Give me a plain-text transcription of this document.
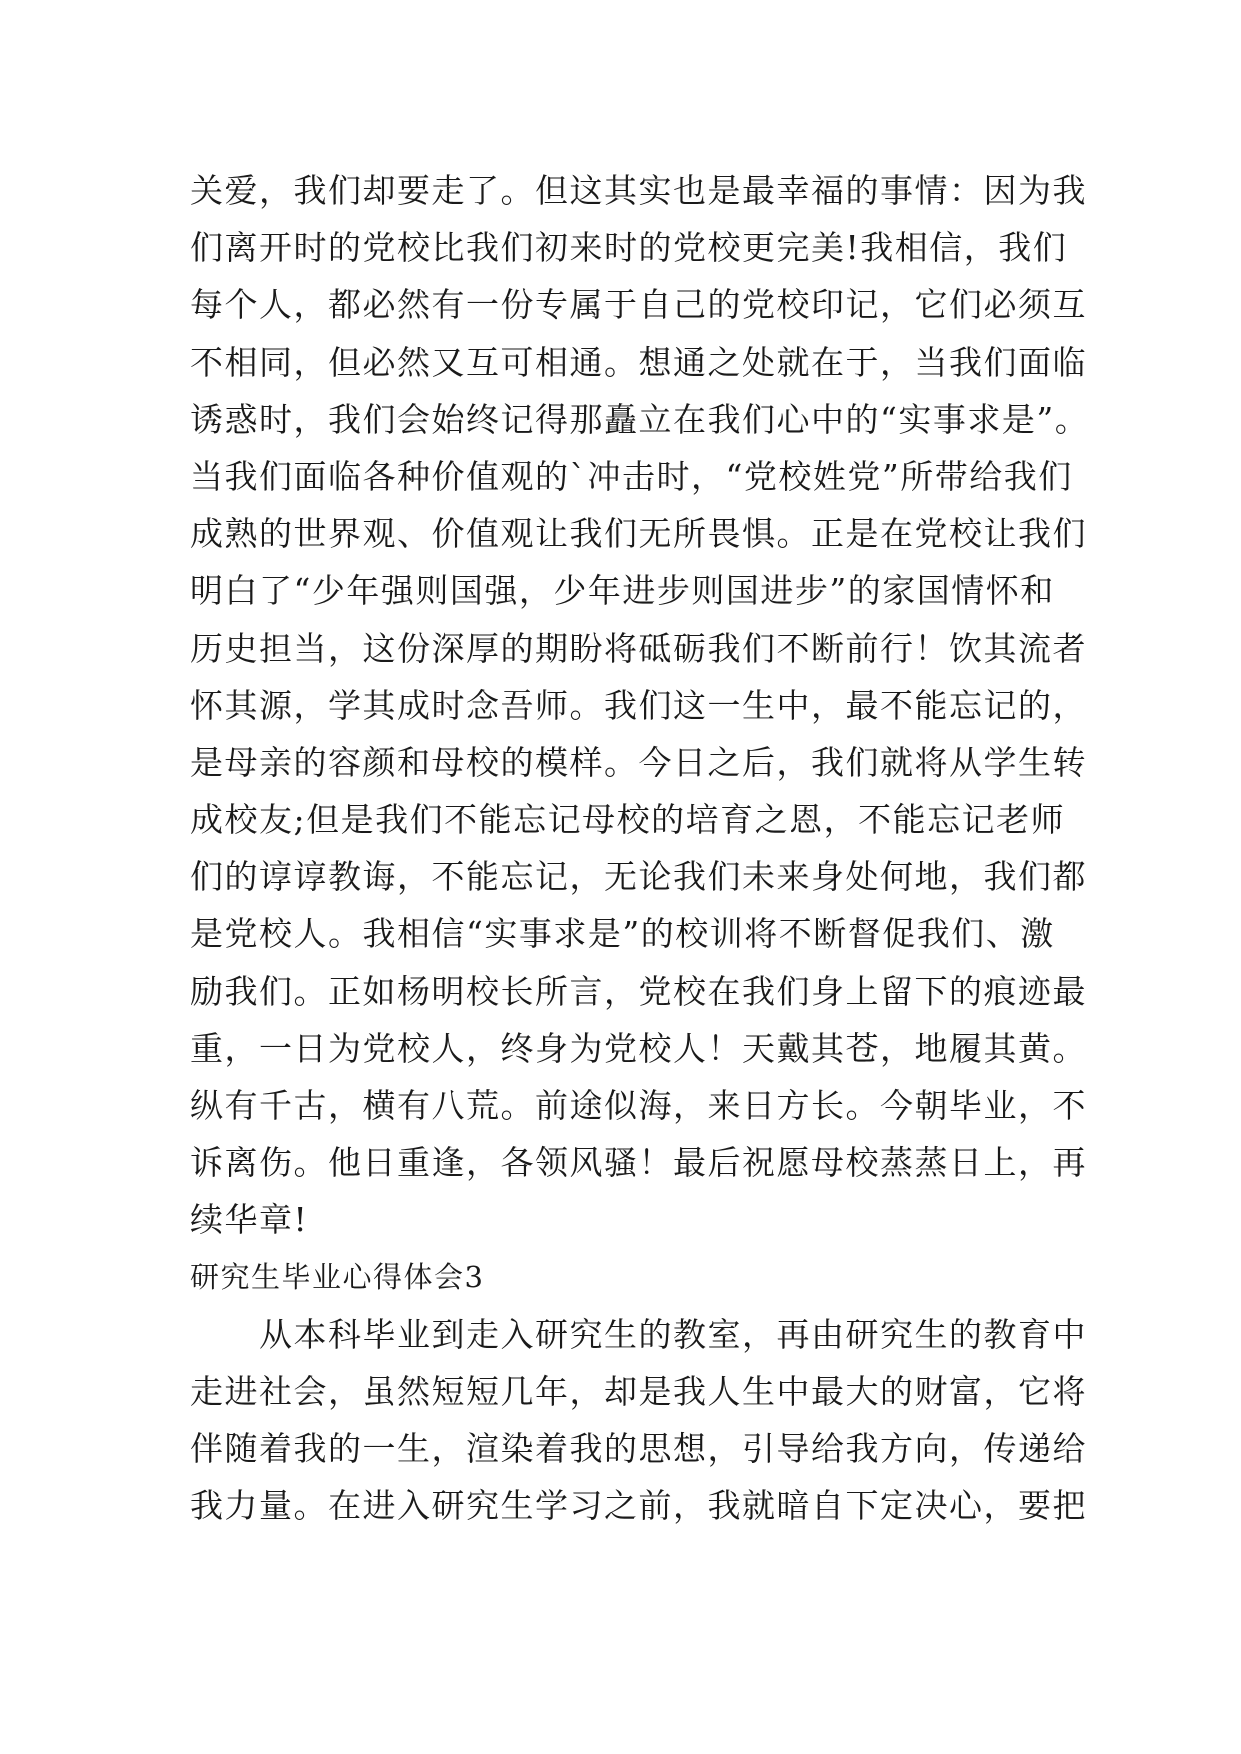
关爱，我们却要走了。但这其实也是最幸福的事情：因为我
们离开时的党校比我们初来时的党校更完美!我相信，我们
每个人，都必然有一份专属于自己的党校印记，它们必须互
不相同，但必然又互可相通。想通之处就在于，当我们面临
诱惑时，我们会始终记得那矗立在我们心中的“实事求是”。
当我们面临各种价值观的`冲击时，“党校姓党”所带给我们
成熟的世界观、价值观让我们无所畏惧。正是在党校让我们
明白了“少年强则国强，少年进步则国进步”的家国情怀和
历史担当，这份深厚的期盼将砥砺我们不断前行！饮其流者
怀其源，学其成时念吾师。我们这一生中，最不能忘记的，
是母亲的容颜和母校的模样。今日之后，我们就将从学生转
成校友;但是我们不能忘记母校的培育之恩，不能忘记老师
们的谆谆教诲，不能忘记，无论我们未来身处何地，我们都
是党校人。我相信“实事求是”的校训将不断督促我们、激
励我们。正如杨明校长所言，党校在我们身上留下的痕迹最
重，一日为党校人，终身为党校人！天戴其苍，地履其黄。
纵有千古，横有八荒。前途似海，来日方长。今朝毕业，不
诉离伤。他日重逢，各领风骚！最后祝愿母校蒸蒸日上，再
续华章!
研究生毕业心得体会3
　　从本科毕业到走入研究生的教室，再由研究生的教育中
走进社会，虽然短短几年，却是我人生中最大的财富，它将
伴随着我的一生，渲染着我的思想，引导给我方向，传递给
我力量。在进入研究生学习之前，我就暗自下定决心，要把
